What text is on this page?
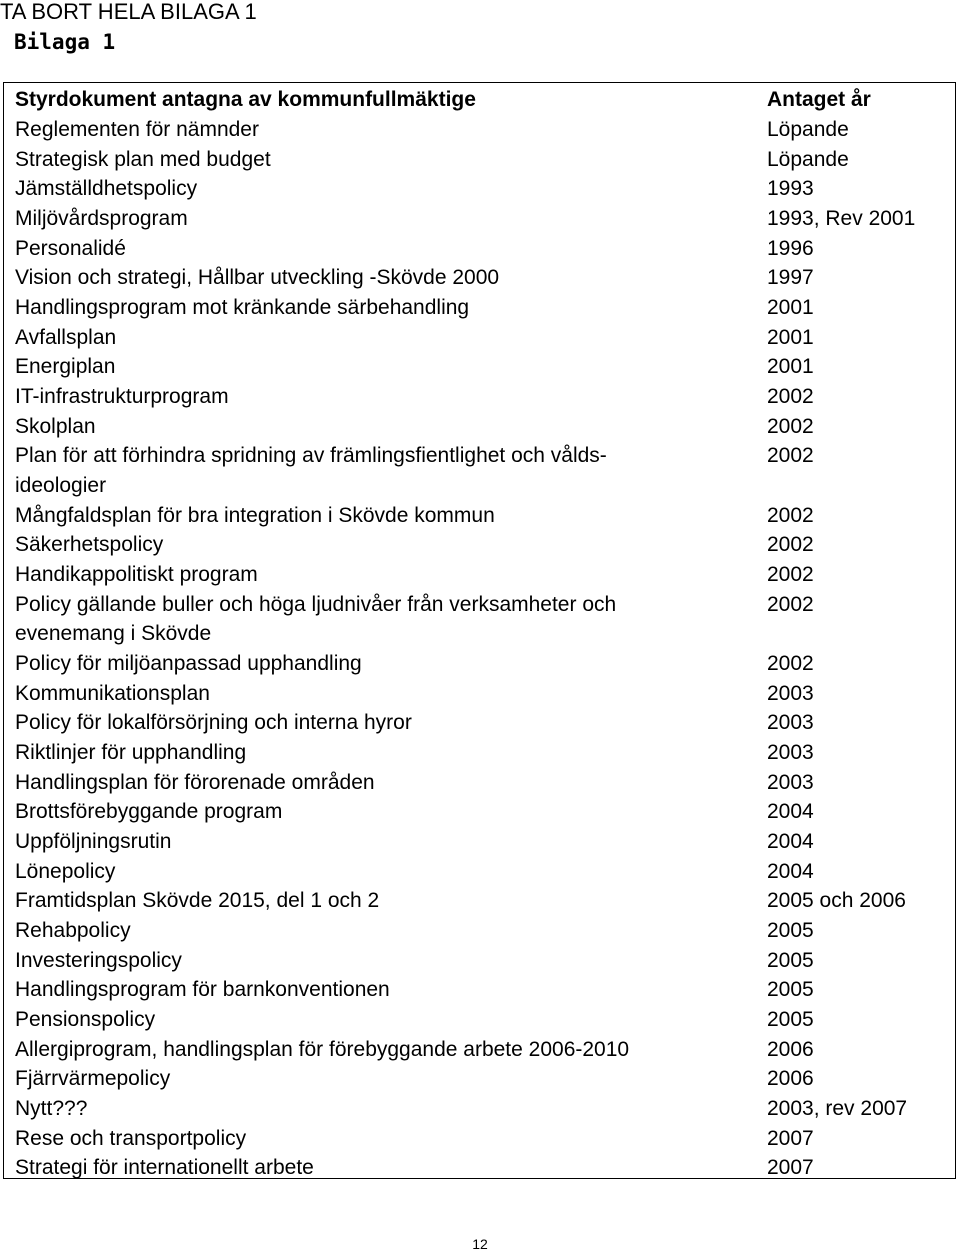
TA BORT HELA BILAGA 1
Bilaga 1
Styrdokument antagna av kommunfullmäktige	Antaget år
Reglementen för nämnder	Löpande
Strategisk plan med budget	Löpande
Jämställdhetspolicy	1993
Miljövårdsprogram	1993, Rev 2001
Personalidé	1996
Vision och strategi, Hållbar utveckling -Skövde 2000	1997
Handlingsprogram mot kränkande särbehandling	2001
Avfallsplan	2001
Energiplan	2001
IT-infrastrukturprogram	2002
Skolplan	2002
Plan för att förhindra spridning av främlingsfientlighet och vålds-	2002
ideologier
Mångfaldsplan för bra integration i Skövde kommun	2002
Säkerhetspolicy	2002
Handikappolitiskt program	2002
Policy gällande buller och höga ljudnivåer från verksamheter och	2002
evenemang i Skövde
Policy för miljöanpassad upphandling	2002
Kommunikationsplan	2003
Policy för lokalförsörjning och interna hyror	2003
Riktlinjer för upphandling	2003
Handlingsplan för förorenade områden	2003
Brottsförebyggande program	2004
Uppföljningsrutin	2004
Lönepolicy	2004
Framtidsplan Skövde 2015, del 1 och 2	2005 och 2006
Rehabpolicy	2005
Investeringspolicy	2005
Handlingsprogram för barnkonventionen	2005
Pensionspolicy	2005
Allergiprogram, handlingsplan för förebyggande arbete 2006-2010	2006
Fjärrvärmepolicy	2006
Nytt???	2003, rev 2007
Rese och transportpolicy	2007
Strategi för internationellt arbete	2007
12
